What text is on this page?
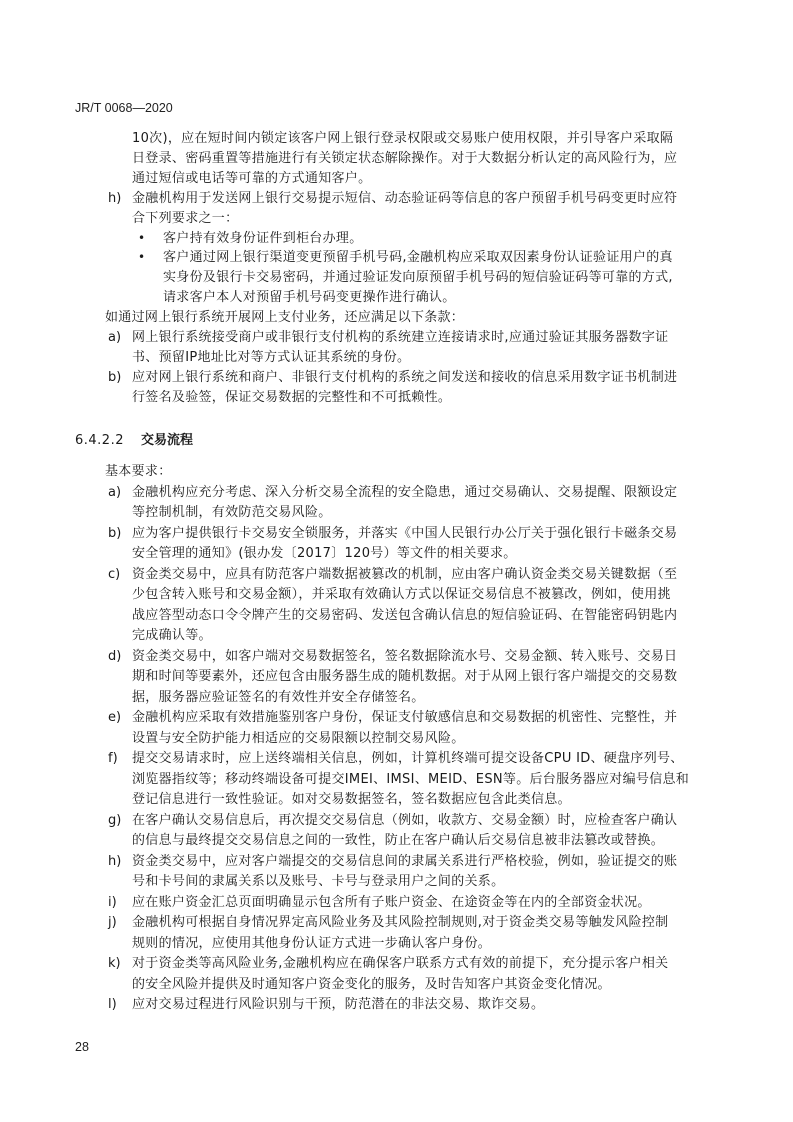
JR/T 0068—2020
6.4.2.2 交易流程
10次)，应在短时间内锁定该客户网上银行登录权限或交易账户使用权限，并引导客户采取隔
日登录、密码重置等措施进行有关锁定状态解除操作。对于大数据分析认定的高风险行为，应
通过短信或电话等可靠的方式通知客户。
h) 金融机构用于发送网上银行交易提示短信、动态验证码等信息的客户预留手机号码变更时应符
合下列要求之一：
• 客户持有效身份证件到柜台办理。
• 客户通过网上银行渠道变更预留手机号码,金融机构应采取双因素身份认证验证用户的真
实身份及银行卡交易密码，并通过验证发向原预留手机号码的短信验证码等可靠的方式,
请求客户本人对预留手机号码变更操作进行确认。
如通过网上银行系统开展网上支付业务，还应满足以下条款：
a) 网上银行系统接受商户或非银行支付机构的系统建立连接请求时,应通过验证其服务器数字证
书、预留IP地址比对等方式认证其系统的身份。
b) 应对网上银行系统和商户、非银行支付机构的系统之间发送和接收的信息采用数字证书机制进
行签名及验签，保证交易数据的完整性和不可抵赖性。
基本要求：
a) 金融机构应充分考虑、深入分析交易全流程的安全隐患，通过交易确认、交易提醒、限额设定
等控制机制，有效防范交易风险。
b) 应为客户提供银行卡交易安全锁服务，并落实《中国人民银行办公厅关于强化银行卡磁条交易
安全管理的通知》(银办发〔2017〕120号）等文件的相关要求。
c) 资金类交易中，应具有防范客户端数据被篡改的机制，应由客户确认资金类交易关键数据（至
少包含转入账号和交易金额），并采取有效确认方式以保证交易信息不被篡改，例如，使用挑
战应答型动态口令令牌产生的交易密码、发送包含确认信息的短信验证码、在智能密码钥匙内
完成确认等。
d) 资金类交易中，如客户端对交易数据签名，签名数据除流水号、交易金额、转入账号、交易日
期和时间等要素外，还应包含由服务器生成的随机数据。对于从网上银行客户端提交的交易数
据，服务器应验证签名的有效性并安全存储签名。
e) 金融机构应采取有效措施鉴别客户身份，保证支付敏感信息和交易数据的机密性、完整性，并
设置与安全防护能力相适应的交易限额以控制交易风险。
f) 提交交易请求时，应上送终端相关信息，例如，计算机终端可提交设备CPU ID、硬盘序列号、
浏览器指纹等；移动终端设备可提交IMEI、IMSI、MEID、ESN等。后台服务器应对编号信息和
登记信息进行一致性验证。如对交易数据签名，签名数据应包含此类信息。
g) 在客户确认交易信息后，再次提交交易信息（例如，收款方、交易金额）时，应检查客户确认
的信息与最终提交交易信息之间的一致性，防止在客户确认后交易信息被非法篡改或替换。
h) 资金类交易中，应对客户端提交的交易信息间的隶属关系进行严格校验，例如，验证提交的账
号和卡号间的隶属关系以及账号、卡号与登录用户之间的关系。
i) 应在账户资金汇总页面明确显示包含所有子账户资金、在途资金等在内的全部资金状况。
j) 金融机构可根据自身情况界定高风险业务及其风险控制规则,对于资金类交易等触发风险控制
规则的情况，应使用其他身份认证方式进一步确认客户身份。
k) 对于资金类等高风险业务,金融机构应在确保客户联系方式有效的前提下，充分提示客户相关
的安全风险并提供及时通知客户资金变化的服务，及时告知客户其资金变化情况。
l) 应对交易过程进行风险识别与干预，防范潜在的非法交易、欺诈交易。
28
